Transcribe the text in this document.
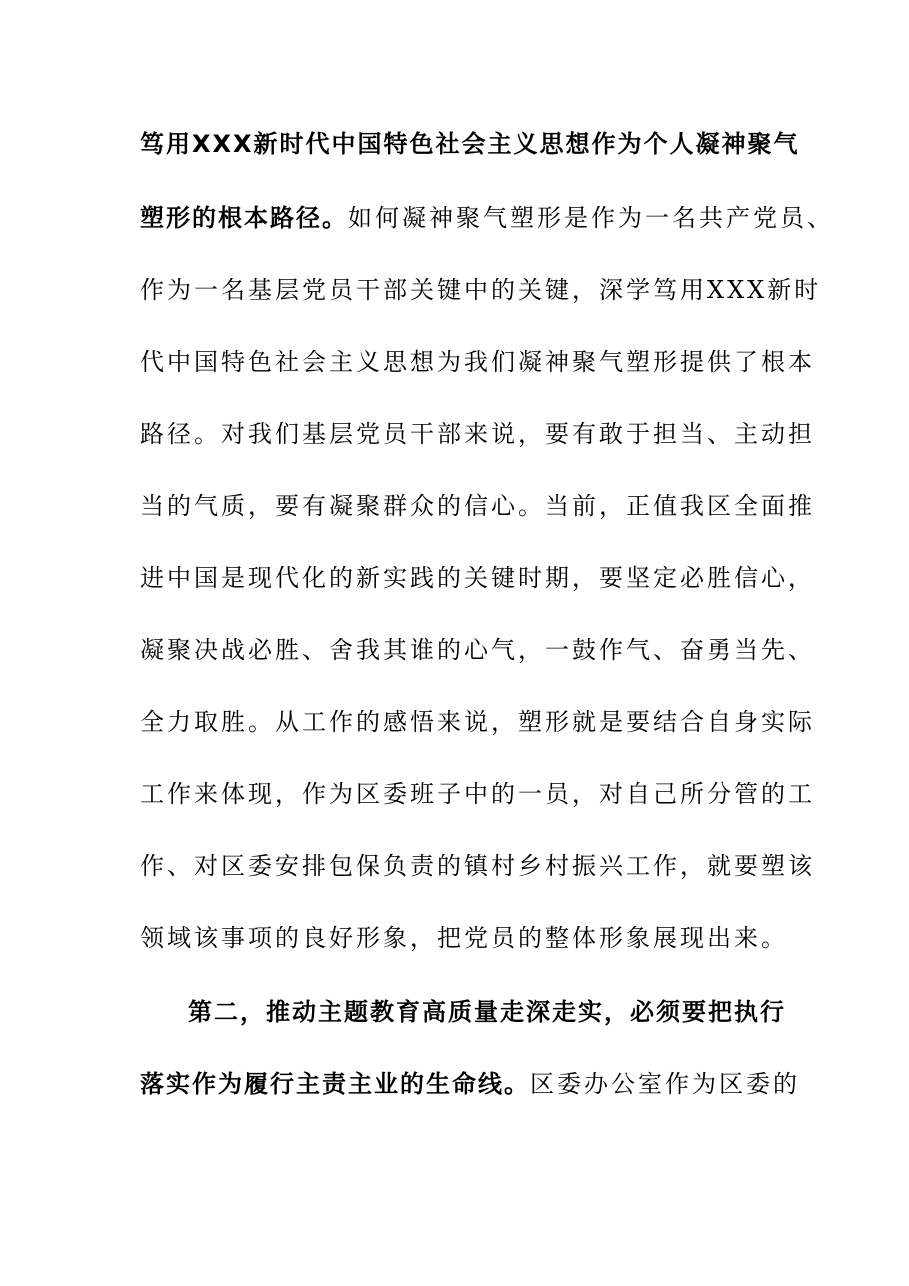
笃用XXX新时代中国特色社会主义思想作为个人凝神聚气
塑形的根本路径。如何凝神聚气塑形是作为一名共产党员、
作为一名基层党员干部关键中的关键，深学笃用XXX新时
代中国特色社会主义思想为我们凝神聚气塑形提供了根本
路径。对我们基层党员干部来说，要有敢于担当、主动担
当的气质，要有凝聚群众的信心。当前，正值我区全面推
进中国是现代化的新实践的关键时期，要坚定必胜信心，
凝聚决战必胜、舍我其谁的心气，一鼓作气、奋勇当先、
全力取胜。从工作的感悟来说，塑形就是要结合自身实际
工作来体现，作为区委班子中的一员，对自己所分管的工
作、对区委安排包保负责的镇村乡村振兴工作，就要塑该
领域该事项的良好形象，把党员的整体形象展现出来。
第二，推动主题教育高质量走深走实，必须要把执行
落实作为履行主责主业的生命线。区委办公室作为区委的
